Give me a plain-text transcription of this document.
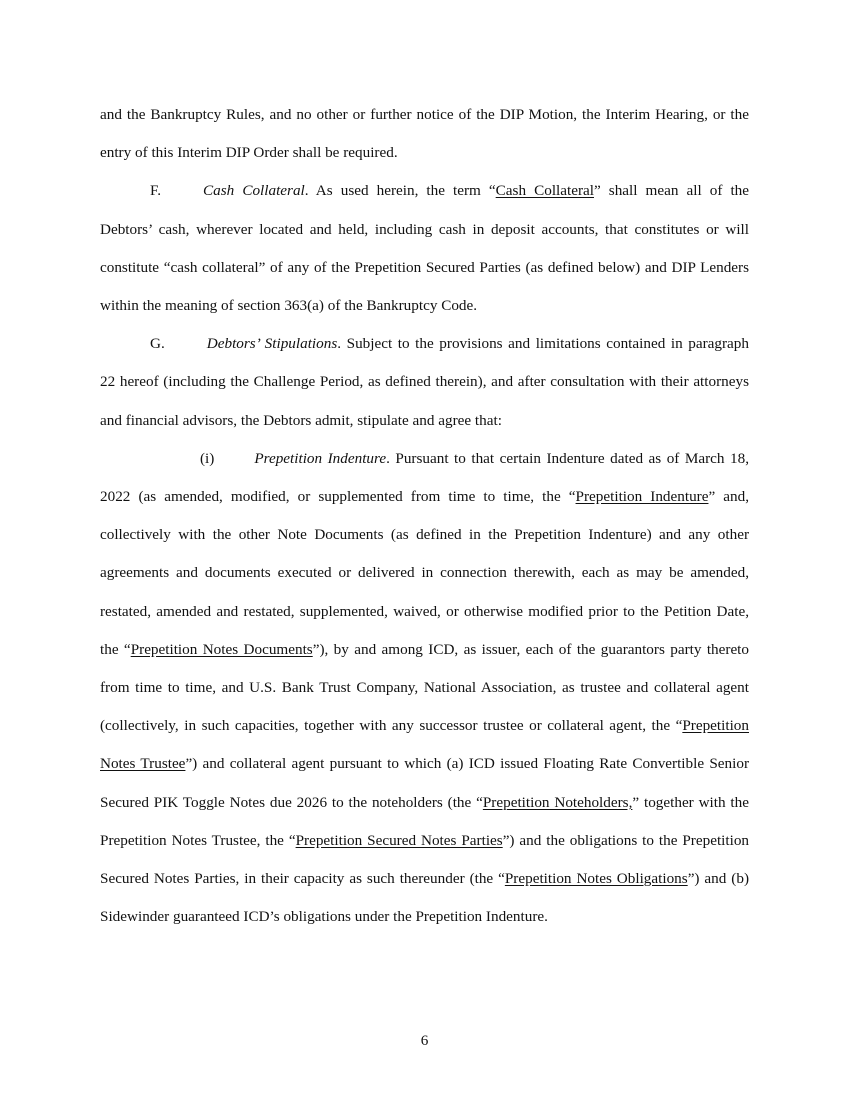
and the Bankruptcy Rules, and no other or further notice of the DIP Motion, the Interim Hearing, or the entry of this Interim DIP Order shall be required.

F.	Cash Collateral. As used herein, the term “Cash Collateral” shall mean all of the Debtors’ cash, wherever located and held, including cash in deposit accounts, that constitutes or will constitute “cash collateral” of any of the Prepetition Secured Parties (as defined below) and DIP Lenders within the meaning of section 363(a) of the Bankruptcy Code.

G.	Debtors’ Stipulations. Subject to the provisions and limitations contained in paragraph 22 hereof (including the Challenge Period, as defined therein), and after consultation with their attorneys and financial advisors, the Debtors admit, stipulate and agree that:

(i)	Prepetition Indenture. Pursuant to that certain Indenture dated as of March 18, 2022 (as amended, modified, or supplemented from time to time, the “Prepetition Indenture” and, collectively with the other Note Documents (as defined in the Prepetition Indenture) and any other agreements and documents executed or delivered in connection therewith, each as may be amended, restated, amended and restated, supplemented, waived, or otherwise modified prior to the Petition Date, the “Prepetition Notes Documents”), by and among ICD, as issuer, each of the guarantors party thereto from time to time, and U.S. Bank Trust Company, National Association, as trustee and collateral agent (collectively, in such capacities, together with any successor trustee or collateral agent, the “Prepetition Notes Trustee”) and collateral agent pursuant to which (a) ICD issued Floating Rate Convertible Senior Secured PIK Toggle Notes due 2026 to the noteholders (the “Prepetition Noteholders,” together with the Prepetition Notes Trustee, the “Prepetition Secured Notes Parties”) and the obligations to the Prepetition Secured Notes Parties, in their capacity as such thereunder (the “Prepetition Notes Obligations”) and (b) Sidewinder guaranteed ICD’s obligations under the Prepetition Indenture.

6
